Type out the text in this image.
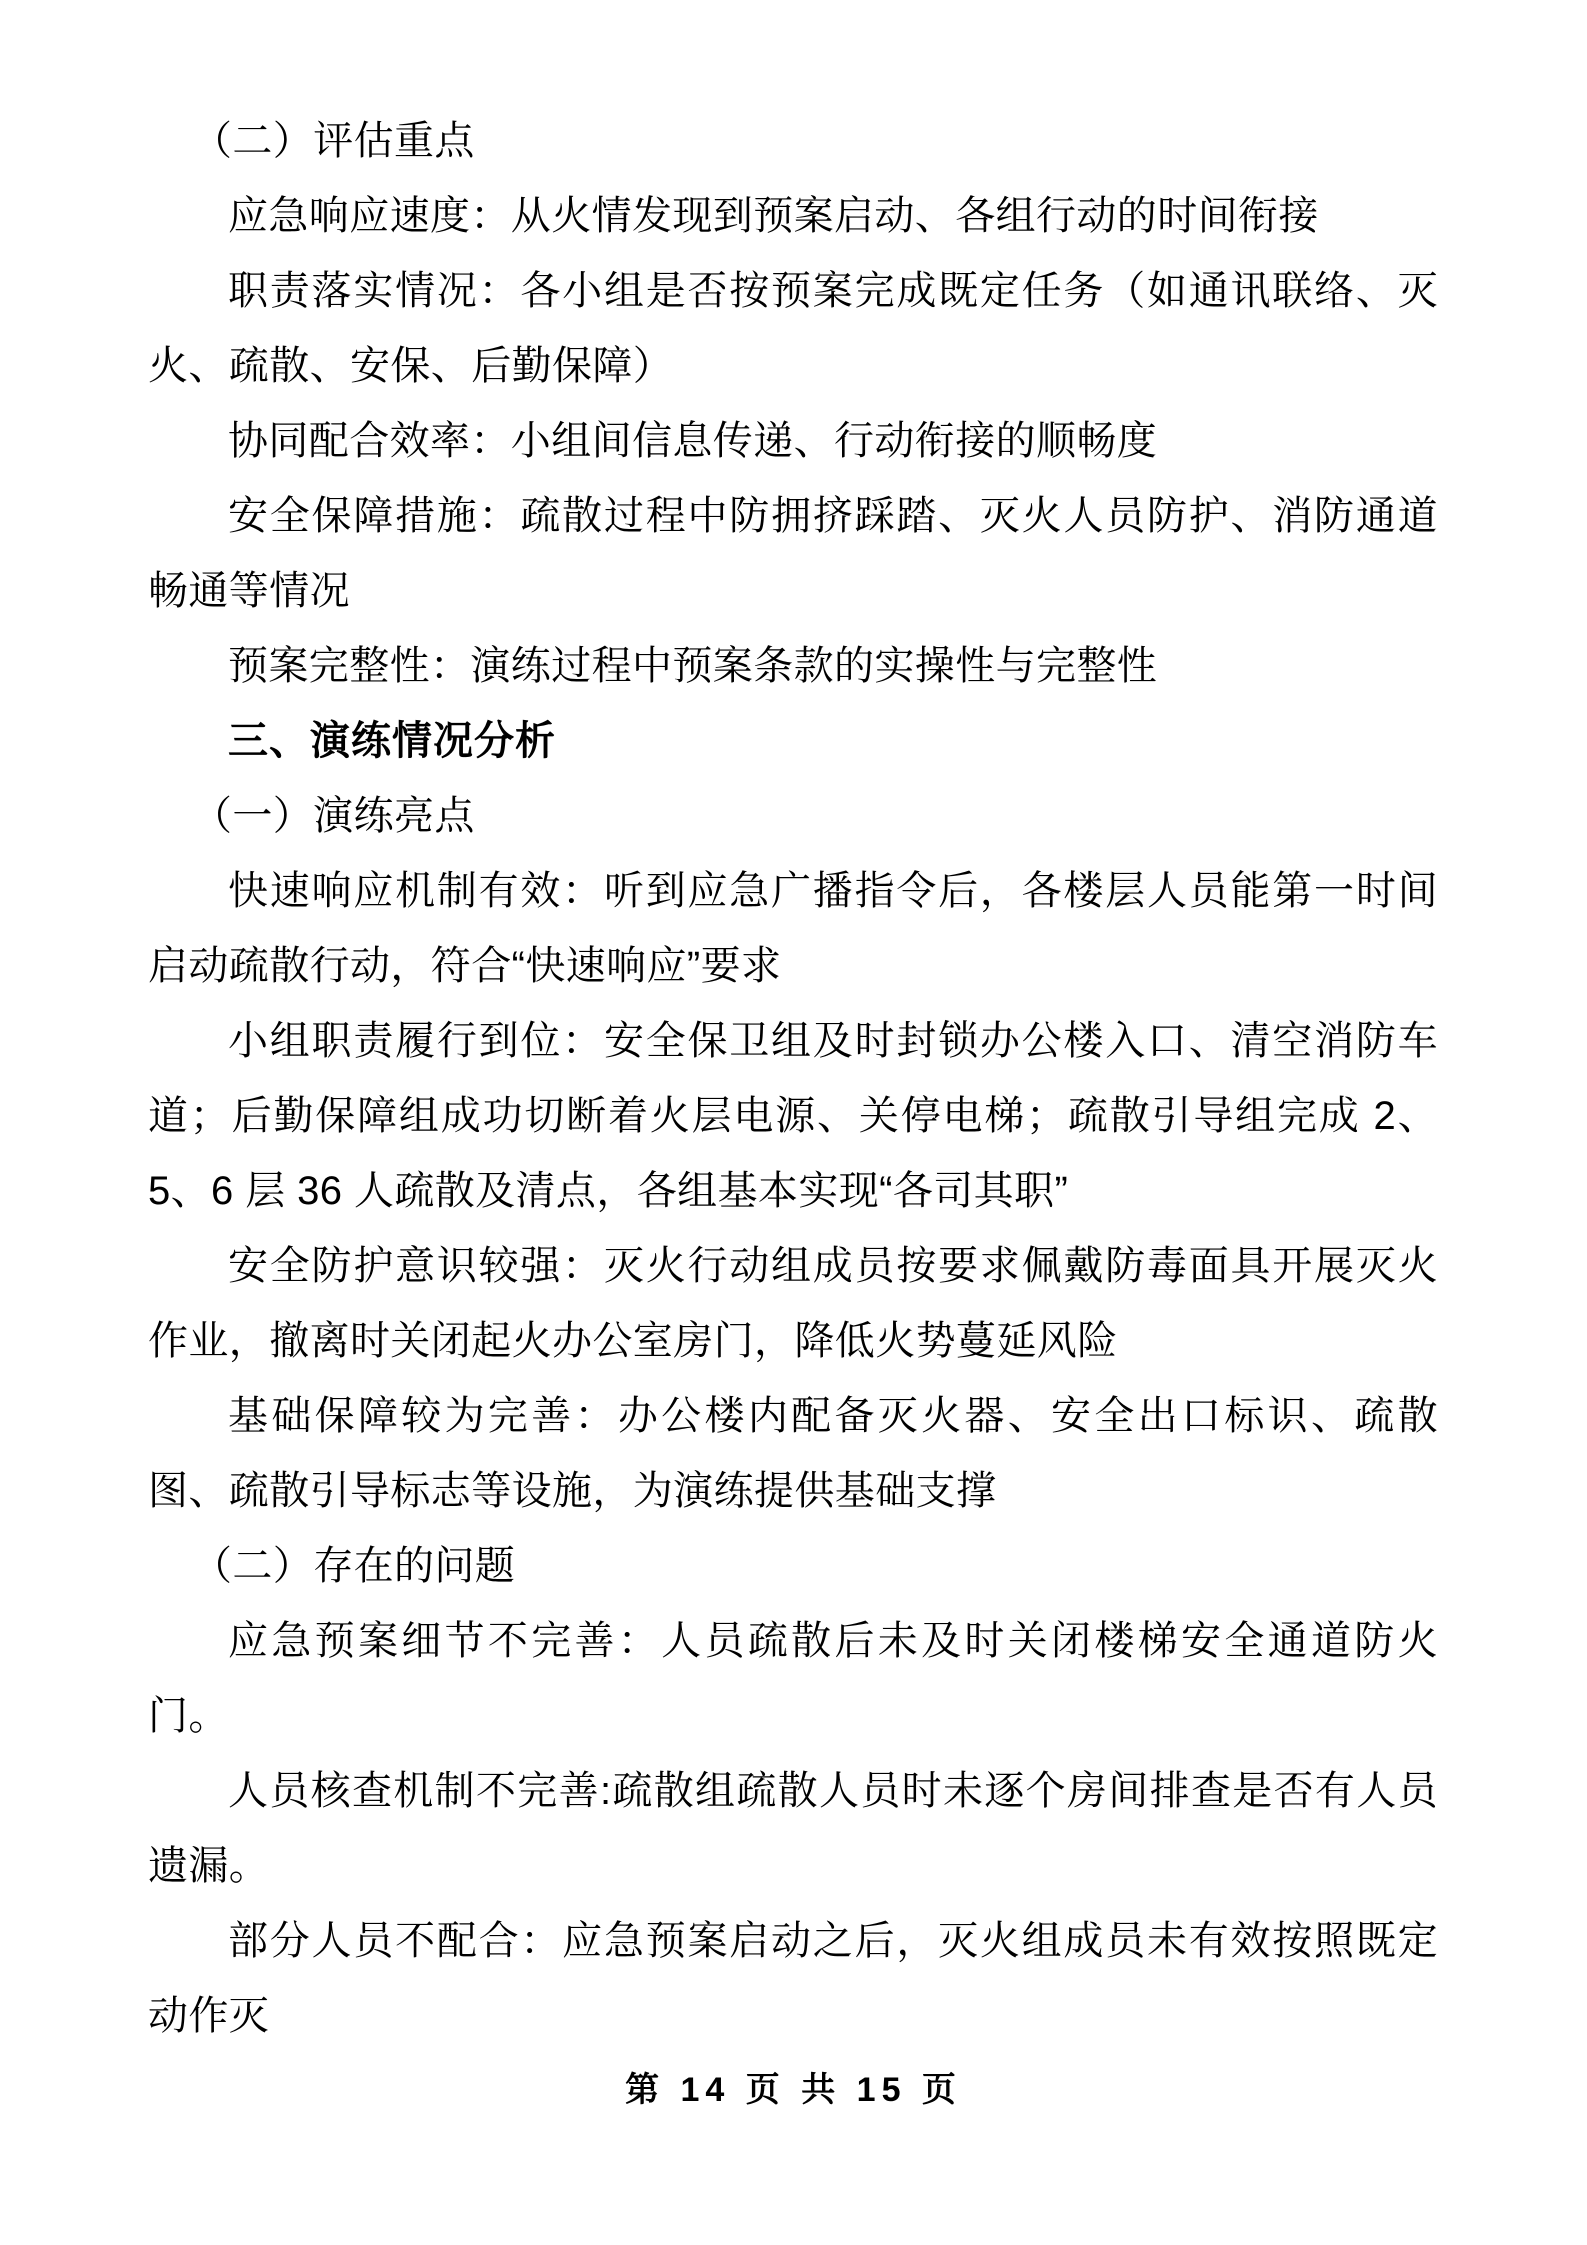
（二）评估重点

应急响应速度：从火情发现到预案启动、各组行动的时间衔接

职责落实情况：各小组是否按预案完成既定任务（如通讯联络、灭火、疏散、安保、后勤保障）

协同配合效率：小组间信息传递、行动衔接的顺畅度

安全保障措施：疏散过程中防拥挤踩踏、灭火人员防护、消防通道畅通等情况

预案完整性：演练过程中预案条款的实操性与完整性

三、演练情况分析

（一）演练亮点

快速响应机制有效：听到应急广播指令后，各楼层人员能第一时间启动疏散行动，符合“快速响应”要求

小组职责履行到位：安全保卫组及时封锁办公楼入口、清空消防车道；后勤保障组成功切断着火层电源、关停电梯；疏散引导组完成 2、5、6 层 36 人疏散及清点，各组基本实现“各司其职”

安全防护意识较强：灭火行动组成员按要求佩戴防毒面具开展灭火作业，撤离时关闭起火办公室房门，降低火势蔓延风险

基础保障较为完善：办公楼内配备灭火器、安全出口标识、疏散图、疏散引导标志等设施，为演练提供基础支撑

（二）存在的问题

应急预案细节不完善：人员疏散后未及时关闭楼梯安全通道防火门。

人员核查机制不完善:疏散组疏散人员时未逐个房间排查是否有人员遗漏。

部分人员不配合：应急预案启动之后，灭火组成员未有效按照既定动作灭

第 14 页 共 15 页
